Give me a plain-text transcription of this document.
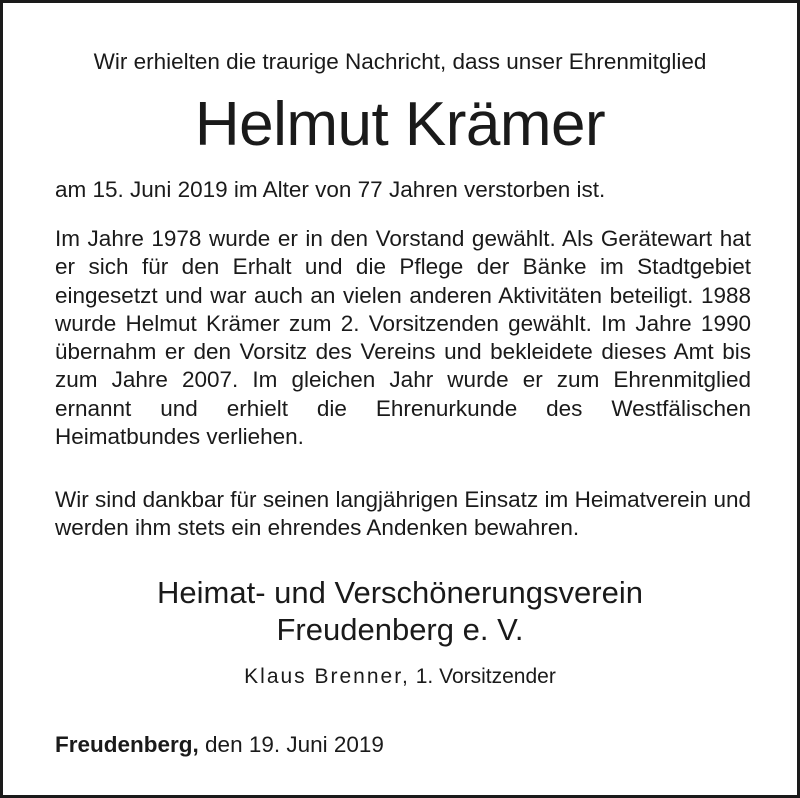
Wir erhielten die traurige Nachricht, dass unser Ehrenmitglied
Helmut Krämer
am 15. Juni 2019 im Alter von 77 Jahren verstorben ist.
Im Jahre 1978 wurde er in den Vorstand gewählt. Als Gerätewart hat er sich für den Erhalt und die Pflege der Bänke im Stadtgebiet eingesetzt und war auch an vielen anderen Aktivitäten beteiligt. 1988 wurde Helmut Krämer zum 2. Vorsitzenden gewählt. Im Jahre 1990 übernahm er den Vorsitz des Vereins und bekleidete dieses Amt bis zum Jahre 2007. Im gleichen Jahr wurde er zum Ehrenmitglied ernannt und erhielt die Ehrenurkunde des Westfälischen Heimatbundes verliehen.
Wir sind dankbar für seinen langjährigen Einsatz im Heimatverein und werden ihm stets ein ehrendes Andenken bewahren.
Heimat- und Verschönerungsverein
Freudenberg e. V.
Klaus Brenner, 1. Vorsitzender
Freudenberg, den 19. Juni 2019
